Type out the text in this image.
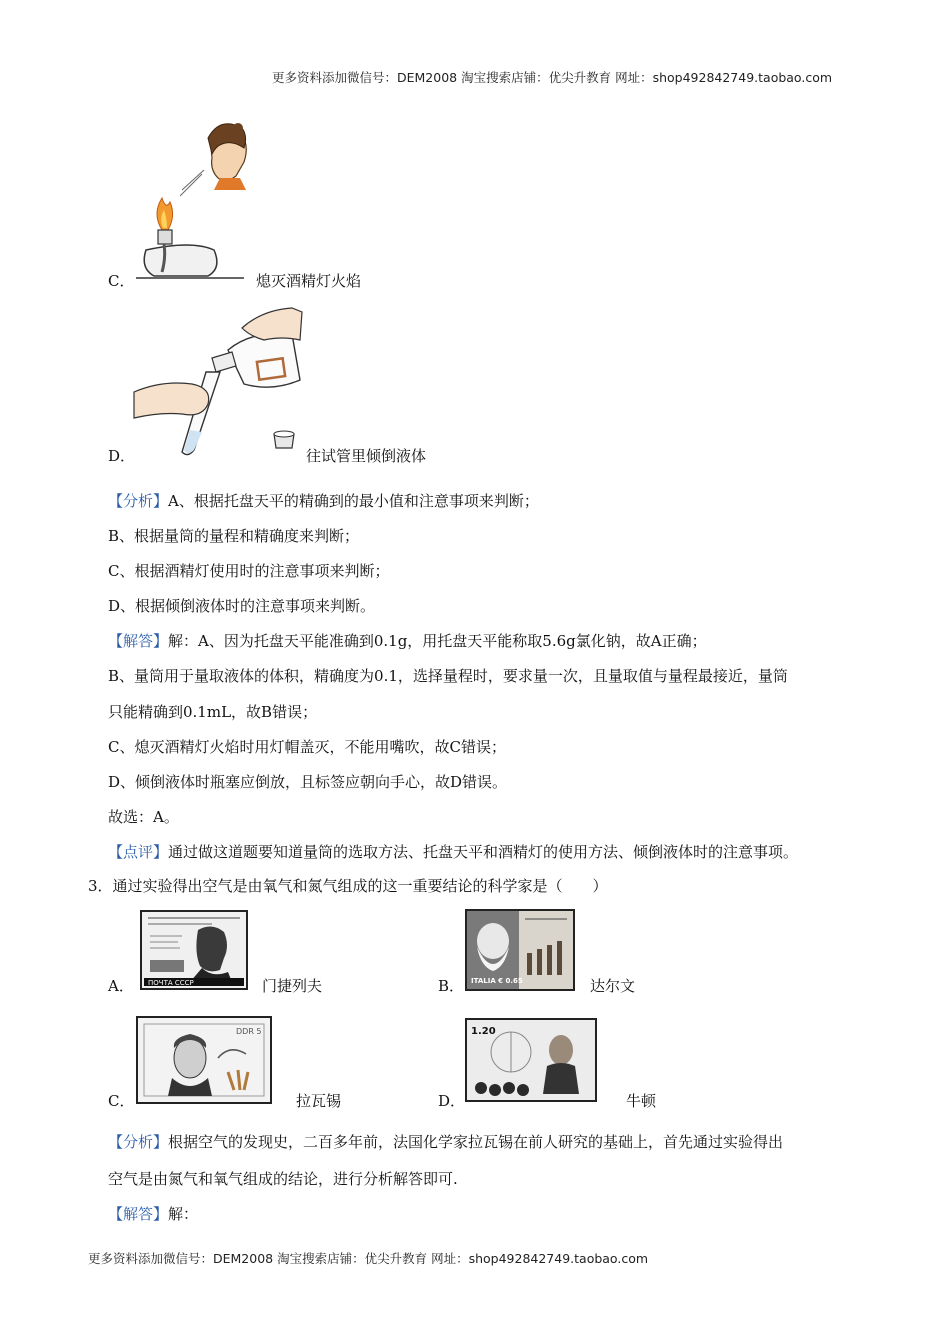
更多资料添加微信号：DEM2008 淘宝搜索店铺：优尖升教育 网址：shop492842749.taobao.com
C．	熄灭酒精灯火焰
D．	往试管里倾倒液体
【分析】A、根据托盘天平的精确到的最小值和注意事项来判断；
B、根据量筒的量程和精确度来判断；
C、根据酒精灯使用时的注意事项来判断；
D、根据倾倒液体时的注意事项来判断。
【解答】解：A、因为托盘天平能准确到0.1g，用托盘天平能称取5.6g氯化钠，故A正确；
B、量筒用于量取液体的体积，精确度为0.1，选择量程时，要求量一次，且量取值与量程最接近，量筒
只能精确到0.1mL，故B错误；
C、熄灭酒精灯火焰时用灯帽盖灭，不能用嘴吹，故C错误；
D、倾倒液体时瓶塞应倒放，且标签应朝向手心，故D错误。
故选：A。
【点评】通过做这道题要知道量筒的选取方法、托盘天平和酒精灯的使用方法、倾倒液体时的注意事项。
3．通过实验得出空气是由氧气和氮气组成的这一重要结论的科学家是（　　）
ПОЧТА СССР
A．	门捷列夫	ITALIA € 0.65
B．	达尔文
DDR 5
C．	拉瓦锡
1.20
D．	牛顿
【分析】根据空气的发现史，二百多年前，法国化学家拉瓦锡在前人研究的基础上，首先通过实验得出
空气是由氮气和氧气组成的结论，进行分析解答即可.
【解答】解：
更多资料添加微信号：DEM2008 淘宝搜索店铺：优尖升教育 网址：shop492842749.taobao.com
